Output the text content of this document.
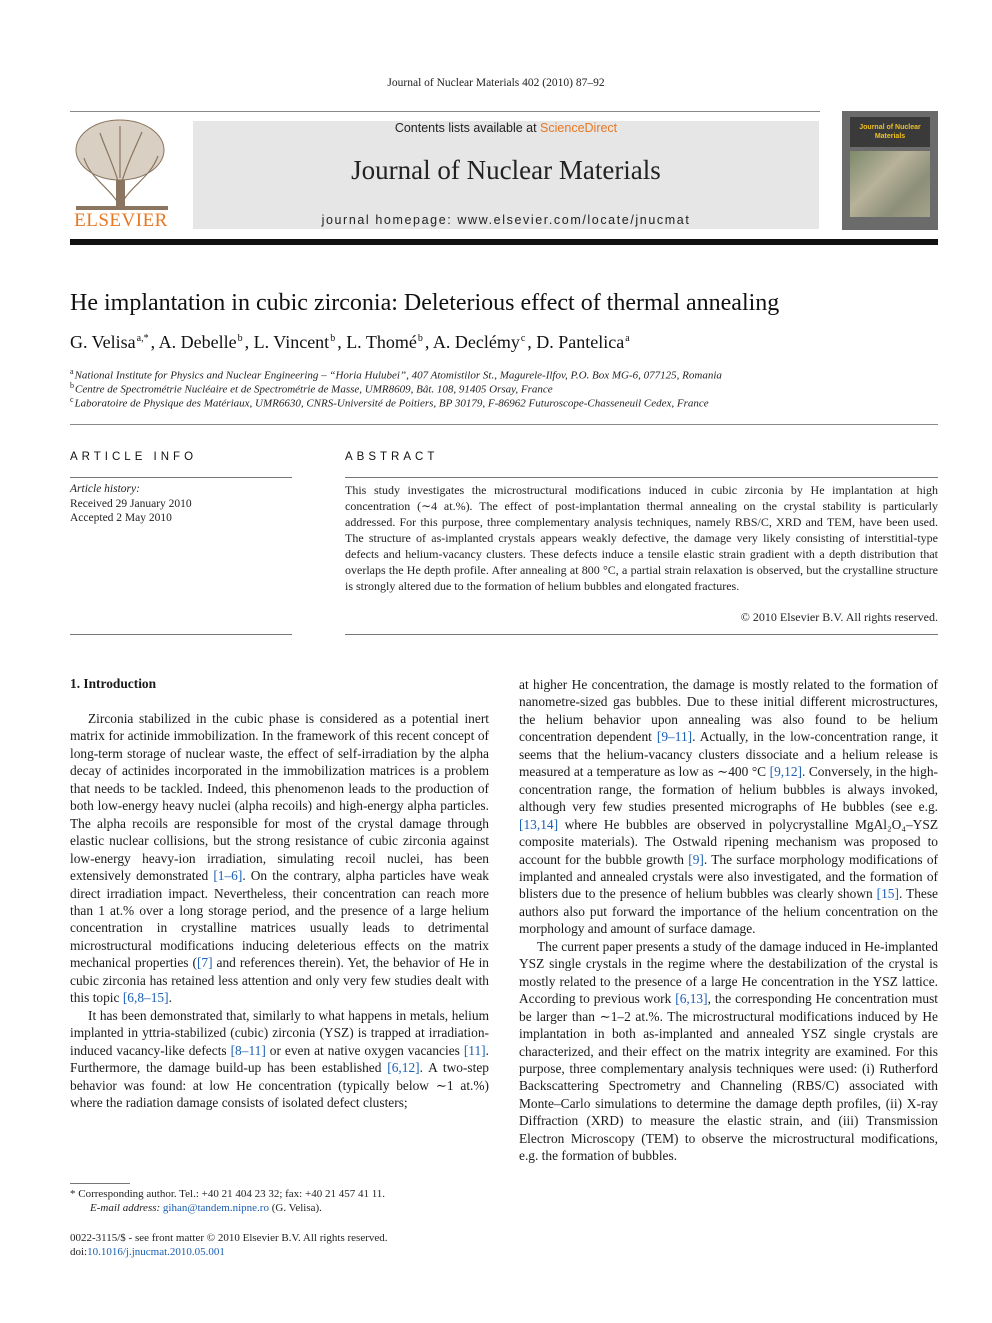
Journal of Nuclear Materials 402 (2010) 87–92
ELSEVIER
Contents lists available at ScienceDirect
Journal of Nuclear Materials
journal homepage: www.elsevier.com/locate/jnucmat
Journal of Nuclear Materials
He implantation in cubic zirconia: Deleterious effect of thermal annealing
G. Velisa$^{a,*}$ , A. Debelle$^b$ , L. Vincent$^b$ , L. Thomé$^b$ , A. Declémy$^c$ , D. Pantelica$^a$
$^a$National Institute for Physics and Nuclear Engineering – “Horia Hulubei”, 407 Atomistilor St., Magurele-Ilfov, P.O. Box MG-6, 077125, Romania
$^b$Centre de Spectrométrie Nucléaire et de Spectrométrie de Masse, UMR8609, Bât. 108, 91405 Orsay, France
$^c$Laboratoire de Physique des Matériaux, UMR6630, CNRS-Université de Poitiers, BP 30179, F-86962 Futuroscope-Chasseneuil Cedex, France
ARTICLE INFO
Article history:
Received 29 January 2010
Accepted 2 May 2010
ABSTRACT
This study investigates the microstructural modifications induced in cubic zirconia by He implantation at high concentration (∼4 at.%). The effect of post-implantation thermal annealing on the crystal stability is particularly addressed. For this purpose, three complementary analysis techniques, namely RBS/C, XRD and TEM, have been used. The structure of as-implanted crystals appears weakly defective, the damage very likely consisting of interstitial-type defects and helium-vacancy clusters. These defects induce a tensile elastic strain gradient with a depth distribution that overlaps the He depth profile. After annealing at 800 °C, a partial strain relaxation is observed, but the crystalline structure is strongly altered due to the formation of helium bubbles and elongated fractures.
© 2010 Elsevier B.V. All rights reserved.
1. Introduction

Zirconia stabilized in the cubic phase is considered as a potential inert matrix for actinide immobilization. In the framework of this recent concept of long-term storage of nuclear waste, the effect of self-irradiation by the alpha decay of actinides incorporated in the immobilization matrices is a problem that needs to be tackled. Indeed, this phenomenon leads to the production of both low-energy heavy nuclei (alpha recoils) and high-energy alpha particles. The alpha recoils are responsible for most of the crystal damage through elastic nuclear collisions, but the strong resistance of cubic zirconia against low-energy heavy-ion irradiation, simulating recoil nuclei, has been extensively demonstrated [1–6]. On the contrary, alpha particles have weak direct irradiation impact. Nevertheless, their concentration can reach more than 1 at.% over a long storage period, and the presence of a large helium concentration in crystalline matrices usually leads to detrimental microstructural modifications inducing deleterious effects on the matrix mechanical properties ([7] and references therein). Yet, the behavior of He in cubic zirconia has retained less attention and only very few studies dealt with this topic [6,8–15].

It has been demonstrated that, similarly to what happens in metals, helium implanted in yttria-stabilized (cubic) zirconia (YSZ) is trapped at irradiation-induced vacancy-like defects [8–11] or even at native oxygen vacancies [11]. Furthermore, the damage build-up has been established [6,12]. A two-step behavior was found: at low He concentration (typically below ∼1 at.%) where the radiation damage consists of isolated defect clusters;

at higher He concentration, the damage is mostly related to the formation of nanometre-sized gas bubbles. Due to these initial different microstructures, the helium behavior upon annealing was also found to be helium concentration dependent [9–11]. Actually, in the low-concentration range, it seems that the helium-vacancy clusters dissociate and a helium release is measured at a temperature as low as ∼400 °C [9,12]. Conversely, in the high-concentration range, the formation of helium bubbles is always invoked, although very few studies presented micrographs of He bubbles (see e.g. [13,14] where He bubbles are observed in polycrystalline MgAl₂O₄–YSZ composite materials). The Ostwald ripening mechanism was proposed to account for the bubble growth [9]. The surface morphology modifications of implanted and annealed crystals were also investigated, and the formation of blisters due to the presence of helium bubbles was clearly shown [15]. These authors also put forward the importance of the helium concentration on the morphology and amount of surface damage.

The current paper presents a study of the damage induced in He-implanted YSZ single crystals in the regime where the destabilization of the crystal is mostly related to the presence of a large He concentration in the YSZ lattice. According to previous work [6,13], the corresponding He concentration must be larger than ∼1–2 at.%. The microstructural modifications induced by He implantation in both as-implanted and annealed YSZ single crystals are characterized, and their effect on the matrix integrity are examined. For this purpose, three complementary analysis techniques were used: (i) Rutherford Backscattering Spectrometry and Channeling (RBS/C) associated with Monte–Carlo simulations to determine the damage depth profiles, (ii) X-ray Diffraction (XRD) to measure the elastic strain, and (iii) Transmission Electron Microscopy (TEM) to observe the microstructural modifications, e.g. the formation of bubbles.

* Corresponding author. Tel.: +40 21 404 23 32; fax: +40 21 457 41 11.
E-mail address: gihan@tandem.nipne.ro (G. Velisa).
0022-3115/$ - see front matter © 2010 Elsevier B.V. All rights reserved.
doi:10.1016/j.jnucmat.2010.05.001
